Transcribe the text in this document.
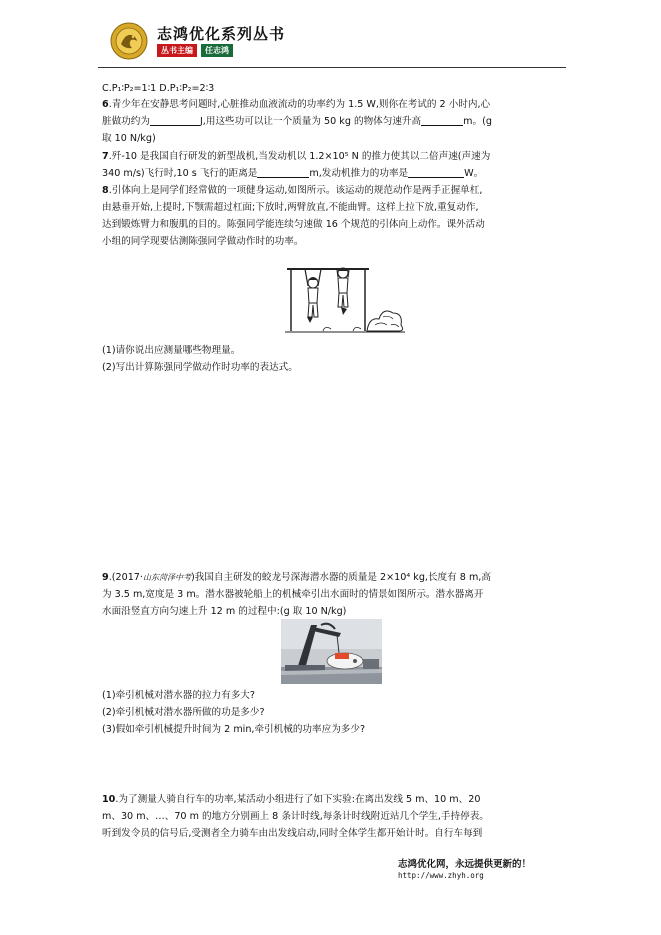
志鸿优化系列丛书
丛书主编	任志鸿
C.P₁∶P₂=1∶1 D.P₁∶P₂=2∶3
6.青少年在安静思考问题时,心脏推动血液流动的功率约为 1.5 W,则你在考试的 2 小时内,心
脏做功约为	J,用这些功可以让一个质量为 50 kg 的物体匀速升高	m。(g
取 10 N/kg)
7.歼-10 是我国自行研发的新型战机,当发动机以 1.2×10⁵ N 的推力使其以二倍声速(声速为
340 m/s)飞行时,10 s 飞行的距离是	m,发动机推力的功率是	W。
8.引体向上是同学们经常做的一项健身运动,如图所示。该运动的规范动作是两手正握单杠,
由悬垂开始,上提时,下颚需超过杠面;下放时,两臂放直,不能曲臂。这样上拉下放,重复动作,
达到锻炼臂力和腹肌的目的。陈强同学能连续匀速做 16 个规范的引体向上动作。课外活动
小组的同学现要估测陈强同学做动作时的功率。
(1)请你说出应测量哪些物理量。
(2)写出计算陈强同学做动作时功率的表达式。
9.(2017·山东菏泽中考)我国自主研发的蛟龙号深海潜水器的质量是 2×10⁴ kg,长度有 8 m,高
为 3.5 m,宽度是 3 m。潜水器被轮船上的机械牵引出水面时的情景如图所示。潜水器离开
水面沿竖直方向匀速上升 12 m 的过程中:(g 取 10 N/kg)
(1)牵引机械对潜水器的拉力有多大?
(2)牵引机械对潜水器所做的功是多少?
(3)假如牵引机械提升时间为 2 min,牵引机械的功率应为多少?
10.为了测量人骑自行车的功率,某活动小组进行了如下实验:在离出发线 5 m、10 m、20
m、30 m、…、70 m 的地方分别画上 8 条计时线,每条计时线附近站几个学生,手持停表。
听到发令员的信号后,受测者全力骑车由出发线启动,同时全体学生都开始计时。自行车每到
志鸿优化网，永远提供更新的！
http://www.zhyh.org
